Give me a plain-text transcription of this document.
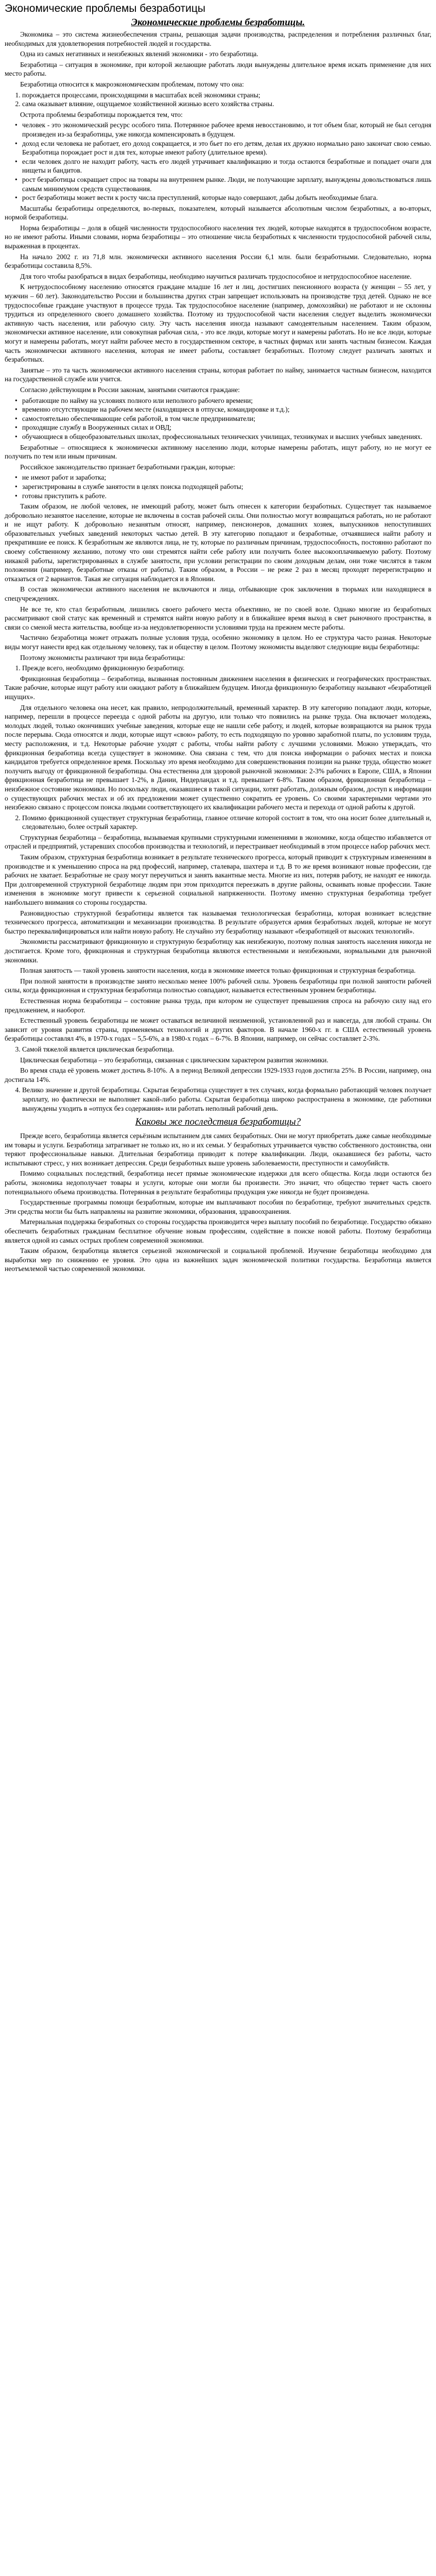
Экономические проблемы безработицы
Экономические проблемы безработицы.

Экономика – это система жизнеобеспечения страны, решающая задачи производства, распределения и потребления различных благ, необходимых для удовлетворения потребностей людей и государства.

Одна из самых негативных и неизбежных явлений экономики - это безработица.

Безработица – ситуация в экономике, при которой желающие работать люди вынуждены длительное время искать применение для них место работы.

Безработица относится к макроэкономическим проблемам, потому что она:

1. порождается процессами, происходящими в масштабах всей экономики страны;
2. сама оказывает влияние, ощущаемое хозяйственной жизнью всего хозяйства страны.

Острота проблемы безработицы порождается тем, что:

• человек - это экономический ресурс особого типа. Потерянное рабочее время невосстановимо, и тот объем благ, который не был сегодня произведен из-за безработицы, уже никогда компенсировать в будущем.
• доход если человека не работает, его доход сокращается, и это бьет по его детям, делая их дружно нормально рано закончат свою семью. Безработица порождает рост и для тех, которые имеют работу (длительное время).
• если человек долго не находит работу, часть его людей утрачивает квалификацию и тогда остаются безработные и попадает очаги для нищеты и бандитов.
• рост безработицы сокращает спрос на товары на внутреннем рынке. Люди, не получающие зарплату, вынуждены довольствоваться лишь самым минимумом средств существования.
• рост безработицы может вести к росту числа преступлений, которые надо совершают, дабы добыть необходимые блага.

Масштабы безработицы определяются, во-первых, показателем, который называется абсолютным числом безработных, а во-вторых, нормой безработицы.

Норма безработицы – доля в общей численности трудоспособного населения тех людей, которые находятся в трудоспособном возрасте, но не имеют работы. Иными словами, норма безработицы – это отношение числа безработных к численности трудоспособной рабочей силы, выраженная в процентах.

На начало 2002 г. из 71,8 млн. экономически активного населения России 6,1 млн. были безработными. Следовательно, норма безработицы составила 8,5%.

Для того чтобы разобраться в видах безработицы, необходимо научиться различать трудоспособное и нетрудоспособное население.

К нетрудоспособному населению относятся граждане младше 16 лет и лиц, достигших пенсионного возраста (у женщин – 55 лет, у мужчин – 60 лет). Законодательство России и большинства других стран запрещает использовать на производстве труд детей. Однако не все трудоспособные граждане участвуют в процессе труда. Так трудоспособное население (например, домохозяйки) не работают и не склонны трудиться из определенного своего домашнего хозяйства. Поэтому из трудоспособной части населения следует выделить экономически активную часть населения, или рабочую силу. Эту часть населения иногда называют самодеятельным населением. Таким образом, экономически активное население, или совокупная рабочая сила, - это все люди, которые могут и намерены работать. Но не все люди, которые могут и намерены работать, могут найти рабочее место в государственном секторе, в частных фирмах или занять частным бизнесом. Каждая часть экономически активного населения, которая не имеет работы, составляет безработных. Поэтому следует различать занятых и безработных.

Занятые – это та часть экономически активного населения страны, которая работает по найму, занимается частным бизнесом, находится на государственной службе или учится.

Согласно действующим в России законам, занятыми считаются граждане:

• работающие по найму на условиях полного или неполного рабочего времени;
• временно отсутствующие на рабочем месте (находящиеся в отпуске, командировке и т.д.);
• самостоятельно обеспечивающие себя работой, в том числе предприниматели;
• проходящие службу в Вооруженных силах и ОВД;
• обучающиеся в общеобразовательных школах, профессиональных технических училищах, техникумах и высших учебных заведениях.

Безработные – относящиеся к экономически активному населению люди, которые намерены работать, ищут работу, но не могут ее получить по тем или иным причинам.

Российское законодательство признает безработными граждан, которые:

• не имеют работ и заработка;
• зарегистрированы в службе занятости в целях поиска подходящей работы;
• готовы приступить к работе.

Таким образом, не любой человек, не имеющий работу, может быть отнесен к категории безработных. Существует так называемое добровольно незанятое население, которые не включены в состав рабочей силы. Они полностью могут возвращаться работать, но не работают и не ищут работу. К добровольно незанятым относят, например, пенсионеров, домашних хозяек, выпускников непоступивших образовательных учебных заведений некоторых частью детей. В эту категорию попадают и безработные, отчаявшиеся найти работу и прекратившие ее поиск. К безработным же являются лица, не ту, которые по различным причинам, трудоспособность, постоянно работают по своему собственному желанию, потому что они стремятся найти себе работу или получить более высокооплачиваемую работу. Поэтому никакой работы, зарегистрированных в службе занятости, при условии регистрации по своим доходным делам, они тоже числятся в таком положении (например, безработные отказы от работы). Таким образом, в России – не реже 2 раз в месяц проходят перерегистрацию и отказаться от 2 вариантов. Такая же ситуация наблюдается и в Японии.

В состав экономически активного населения не включаются и лица, отбывающие срок заключения в тюрьмах или находящиеся в спецучреждениях.

Не все те, кто стал безработным, лишились своего рабочего места объективно, не по своей воле. Однако многие из безработных рассматривают свой статус как временный и стремятся найти новую работу и в ближайшее время выход в свет рыночного пространства, в связи со сменой места жительства, вообще из-за неудовлетворенности условиями труда на прежнем месте работы.

Частично безработица может отражать полные условия труда, особенно экономику в целом. Но ее структура часто разная. Некоторые виды могут нанести вред как отдельному человеку, так и обществу в целом. Поэтому экономисты выделяют следующие виды безработицы:

Поэтому экономисты различают три вида безработицы:

1. Прежде всего, необходимо фрикционную безработицу.

Фрикционная безработица – безработица, вызванная постоянным движением населения в физических и географических пространствах. Такие рабочие, которые ищут работу или ожидают работу в ближайшем будущем. Иногда фрикционную безработицу называют «безработицей ищущих».

Для отдельного человека она несет, как правило, непродолжительный, временный характер. В эту категорию попадают люди, которые, например, перешли в процессе переезда с одной работы на другую, или только что появились на рынке труда. Она включает молодежь, молодых людей, только окончивших учебные заведения, которые еще не нашли себе работу, и людей, которые возвращаются на рынок труда после перерыва. Сюда относятся и люди, которые ищут «свою» работу, то есть подходящую по уровню заработной платы, по условиям труда, месту расположения, и т.д. Некоторые рабочие уходят с работы, чтобы найти работу с лучшими условиями. Можно утверждать, что фрикционная безработица всегда существует в экономике. Она связана с тем, что для поиска информации о рабочих местах и поиска кандидатов требуется определенное время. Поскольку это время необходимо для совершенствования позиции на рынке труда, общество может получить выгоду от фрикционной безработицы. Она естественна для здоровой рыночной экономики: 2-3% рабочих в Европе, США, в Японии фрикционная безработица не превышает 1-2%, в Дании, Нидерландах и т.д. превышает 6-8%. Таким образом, фрикционная безработица – неизбежное состояние экономики. Но поскольку люди, оказавшиеся в такой ситуации, хотят работать, должным образом, доступ к информации о существующих рабочих местах и об их предложении может существенно сократить ее уровень. Со своими характерными чертами это неизбежно связано с процессом поиска людьми соответствующего их квалификации рабочего места и перехода от одной работы к другой.

2. Помимо фрикционной существует структурная безработица, главное отличие которой состоит в том, что она носит более длительный и, следовательно, более острый характер.

Структурная безработица – безработица, вызываемая крупными структурными изменениями в экономике, когда общество избавляется от отраслей и предприятий, устаревших способов производства и технологий, и перестраивает необходимый в этом процессе набор рабочих мест.

Таким образом, структурная безработица возникает в результате технического прогресса, который приводит к структурным изменениям в производстве и к уменьшению спроса на ряд профессий, например, сталевара, шахтера и т.д. В то же время возникают новые профессии, где рабочих не хватает. Безработные не сразу могут переучиться и занять вакантные места. Многие из них, потеряв работу, не находят ее никогда. При долговременной структурной безработице людям при этом приходится переезжать в другие районы, осваивать новые профессии. Такие изменения в экономике могут привести к серьезной социальной напряженности. Поэтому именно структурная безработица требует наибольшего внимания со стороны государства.

Разновидностью структурной безработицы является так называемая технологическая безработица, которая возникает вследствие технического прогресса, автоматизации и механизации производства. В результате образуется армия безработных людей, которые не могут быстро переквалифицироваться или найти новую работу. Не случайно эту безработицу называют «безработицей от высоких технологий».

Экономисты рассматривают фрикционную и структурную безработицу как неизбежную, поэтому полная занятость населения никогда не достигается. Кроме того, фрикционная и структурная безработица являются естественными и неизбежными, нормальными для рыночной экономики.

Полная занятость — такой уровень занятости населения, когда в экономике имеется только фрикционная и структурная безработица.

При полной занятости в производстве занято несколько менее 100% рабочей силы. Уровень безработицы при полной занятости рабочей силы, когда фрикционная и структурная безработица полностью совпадают, называется естественным уровнем безработицы.

Естественная норма безработицы – состояние рынка труда, при котором не существует превышения спроса на рабочую силу над его предложением, и наоборот.

Естественный уровень безработицы не может оставаться величиной неизменной, установленной раз и навсегда, для любой страны. Он зависит от уровня развития страны, применяемых технологий и других факторов. В начале 1960-х гг. в США естественный уровень безработицы составлял 4%, в 1970-х годах – 5,5-6%, а в 1980-х годах – 6-7%. В Японии, например, он сейчас составляет 2-3%.

3. Самой тяжелой является циклическая безработица.

Циклическая безработица – это безработица, связанная с циклическим характером развития экономики.

Во время спада её уровень может достичь 8-10%. А в период Великой депрессии 1929-1933 годов достигла 25%. В России, например, она достигала 14%.

4. Велико значение и другой безработицы. Скрытая безработица существует в тех случаях, когда формально работающий человек получает зарплату, но фактически не выполняет какой-либо работы. Скрытая безработица широко распространена в экономике, где работники вынуждены уходить в «отпуск без содержания» или работать неполный рабочий день.
Каковы же последствия безработицы?

Прежде всего, безработица является серьёзным испытанием для самих безработных. Они не могут приобретать даже самые необходимые им товары и услуги. Безработица затрагивает не только их, но и их семьи. У безработных утрачивается чувство собственного достоинства, они теряют профессиональные навыки. Длительная безработица приводит к потере квалификации. Люди, оказавшиеся без работы, часто испытывают стресс, у них возникает депрессия. Среди безработных выше уровень заболеваемости, преступности и самоубийств.

Помимо социальных последствий, безработица несет прямые экономические издержки для всего общества. Когда люди остаются без работы, экономика недополучает товары и услуги, которые они могли бы произвести. Это значит, что общество теряет часть своего потенциального объема производства. Потерянная в результате безработицы продукция уже никогда не будет произведена.

Государственные программы помощи безработным, которые им выплачивают пособия по безработице, требуют значительных средств. Эти средства могли бы быть направлены на развитие экономики, образования, здравоохранения.

Материальная поддержка безработных со стороны государства производится через выплату пособий по безработице. Государство обязано обеспечить безработных гражданам бесплатное обучение новым профессиям, содействие в поиске новой работы. Поэтому безработица является одной из самых острых проблем современной экономики.

Таким образом, безработица является серьезной экономической и социальной проблемой. Изучение безработицы необходимо для выработки мер по снижению ее уровня. Это одна из важнейших задач экономической политики государства. Безработица является неотъемлемой частью современной экономики.
